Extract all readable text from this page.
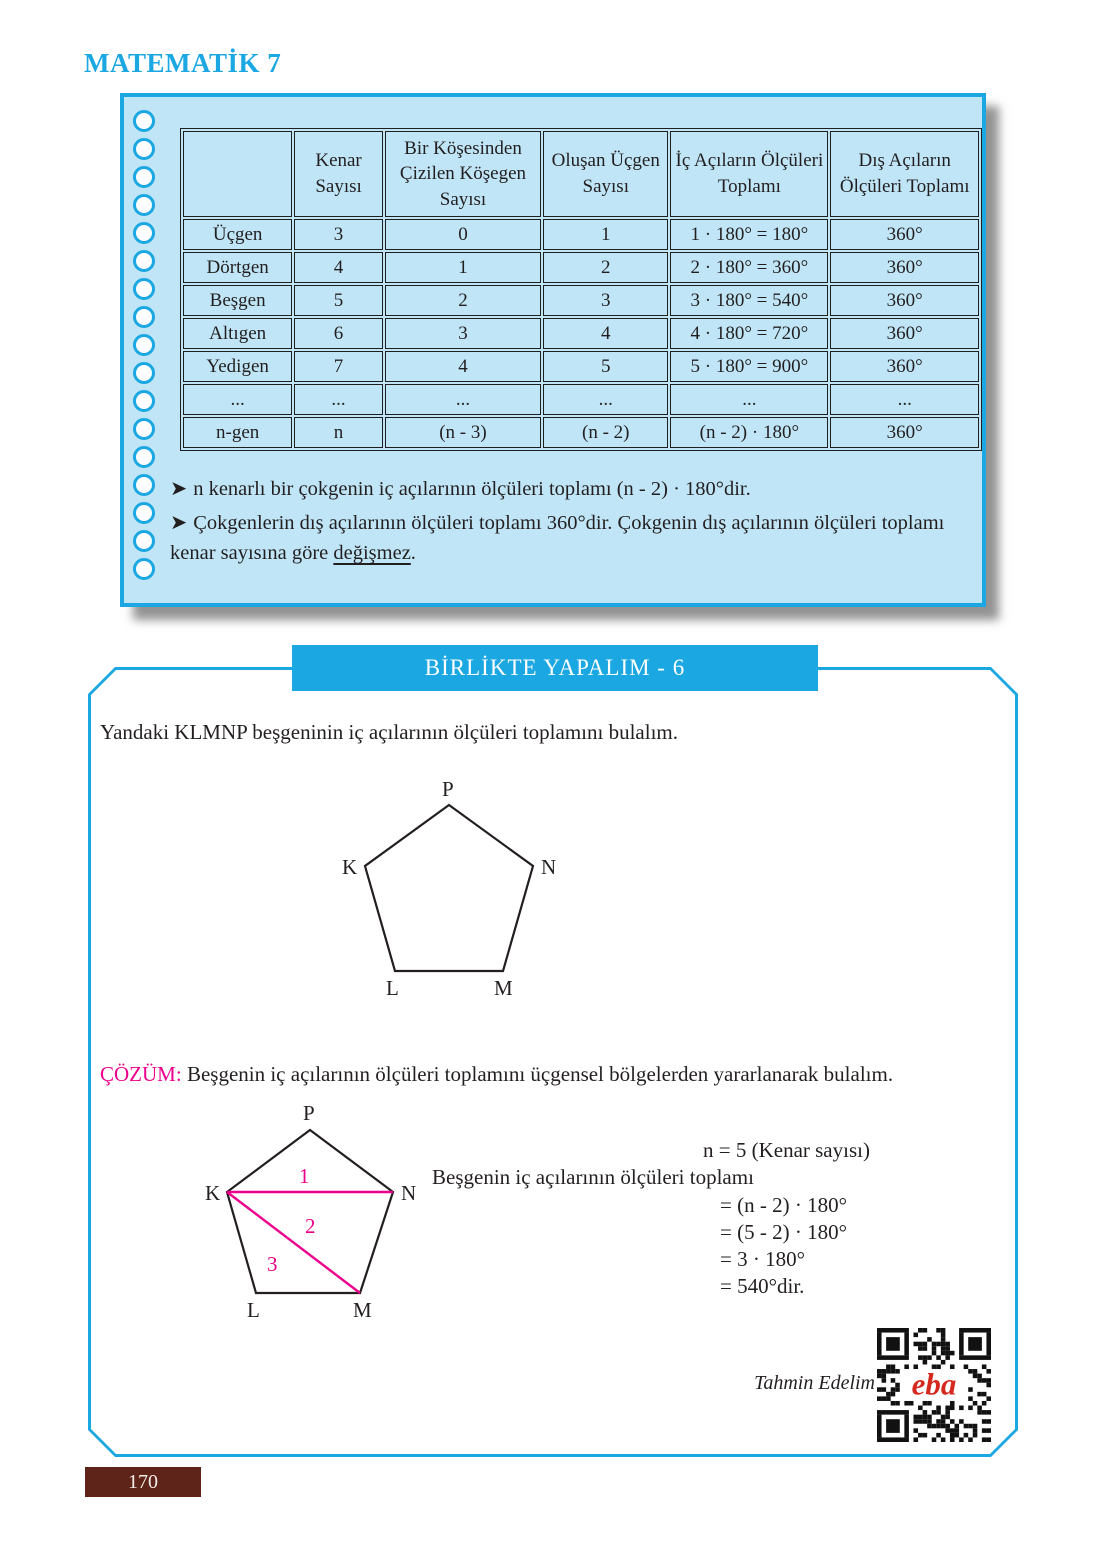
MATEMATİK 7
	Kenar Sayısı	Bir Köşesinden Çizilen Köşegen Sayısı	Oluşan Üçgen Sayısı	İç Açıların Ölçüleri Toplamı	Dış Açıların Ölçüleri Toplamı
Üçgen	3	0	1	1 · 180° = 180°	360°
Dörtgen	4	1	2	2 · 180° = 360°	360°
Beşgen	5	2	3	3 · 180° = 540°	360°
Altıgen	6	3	4	4 · 180° = 720°	360°
Yedigen	7	4	5	5 · 180° = 900°	360°
...	...	...	...	...	...
n-gen	n	(n - 3)	(n - 2)	(n - 2) · 180°	360°
➤ n kenarlı bir çokgenin iç açılarının ölçüleri toplamı (n - 2) · 180°dir.
➤ Çokgenlerin dış açılarının ölçüleri toplamı 360°dir. Çokgenin dış açılarının ölçüleri toplamı kenar sayısına göre değişmez.
BİRLİKTE YAPALIM - 6
Yandaki KLMNP beşgeninin iç açılarının ölçüleri toplamını bulalım.
P
K	N
L	M
ÇÖZÜM: Beşgenin iç açılarının ölçüleri toplamını üçgensel bölgelerden yararlanarak bulalım.
P
K	N
L	M
1
2
3
n = 5 (Kenar sayısı)
Beşgenin iç açılarının ölçüleri toplamı
= (n - 2) · 180°
= (5 - 2) · 180°
= 3 · 180°
= 540°dir.
Tahmin Edelim eba
170
